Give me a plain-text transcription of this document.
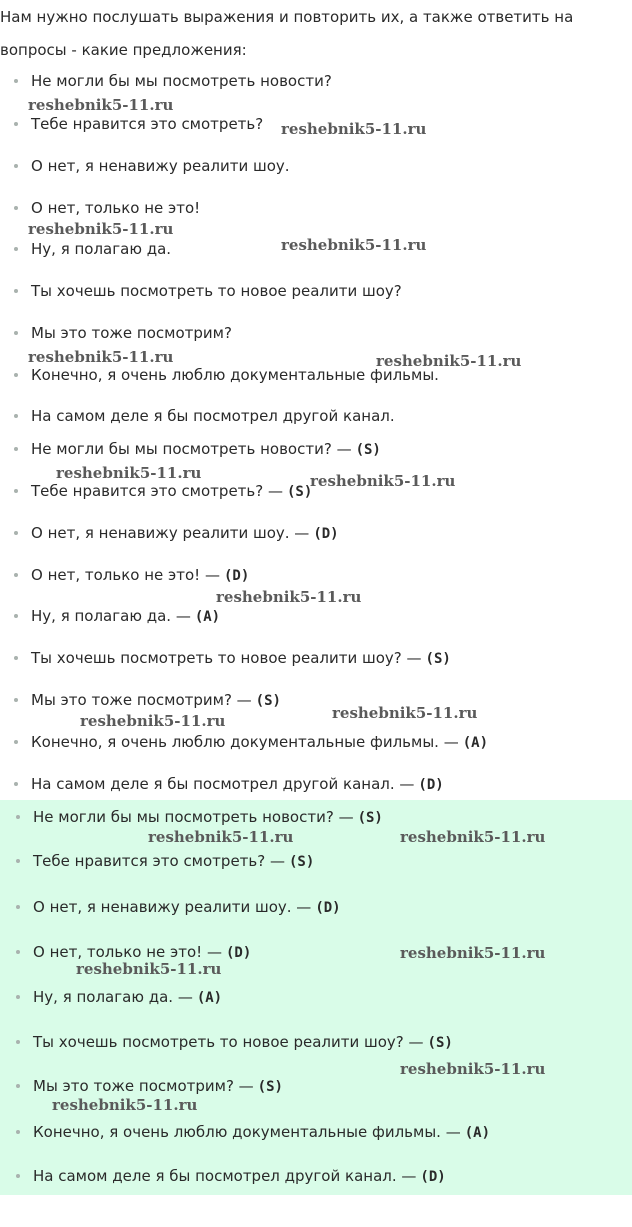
Нам нужно послушать выражения и повторить их, а также ответить на
вопросы - какие предложения:
Не могли бы мы посмотреть новости?
Тебе нравится это смотреть?
О нет, я ненавижу реалити шоу.
О нет, только не это!
Ну, я полагаю да.
Ты хочешь посмотреть то новое реалити шоу?
Мы это тоже посмотрим?
Конечно, я очень люблю документальные фильмы.
На самом деле я бы посмотрел другой канал.
Не могли бы мы посмотреть новости? — (S)
Тебе нравится это смотреть? — (S)
О нет, я ненавижу реалити шоу. — (D)
О нет, только не это! — (D)
Ну, я полагаю да. — (A)
Ты хочешь посмотреть то новое реалити шоу? — (S)
Мы это тоже посмотрим? — (S)
Конечно, я очень люблю документальные фильмы. — (A)
На самом деле я бы посмотрел другой канал. — (D)
Не могли бы мы посмотреть новости? — (S)
Тебе нравится это смотреть? — (S)
О нет, я ненавижу реалити шоу. — (D)
О нет, только не это! — (D)
Ну, я полагаю да. — (A)
Ты хочешь посмотреть то новое реалити шоу? — (S)
Мы это тоже посмотрим? — (S)
Конечно, я очень люблю документальные фильмы. — (A)
На самом деле я бы посмотрел другой канал. — (D)
reshebnik5-11.ru
reshebnik5-11.ru
reshebnik5-11.ru
reshebnik5-11.ru
reshebnik5-11.ru	reshebnik5-11.ru
reshebnik5-11.ru	reshebnik5-11.ru
reshebnik5-11.ru
reshebnik5-11.ru	reshebnik5-11.ru
reshebnik5-11.ru	reshebnik5-11.ru
reshebnik5-11.ru
reshebnik5-11.ru
reshebnik5-11.ru
reshebnik5-11.ru
